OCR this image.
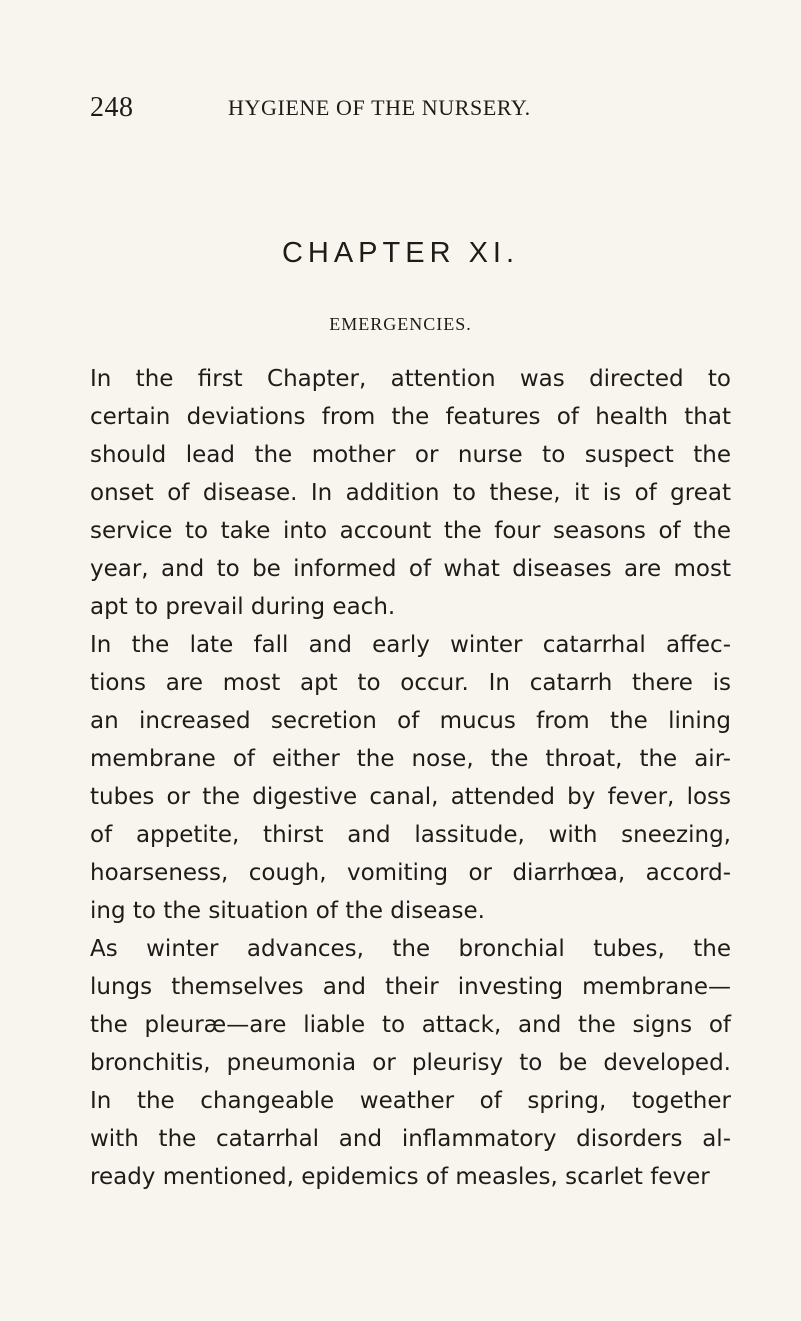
248	HYGIENE OF THE NURSERY.
CHAPTER XI.
EMERGENCIES.
In the first Chapter, attention was directed to
certain deviations from the features of health that
should lead the mother or nurse to suspect the
onset of disease. In addition to these, it is of great
service to take into account the four seasons of the
year, and to be informed of what diseases are most
apt to prevail during each.
In the late fall and early winter catarrhal affec-
tions are most apt to occur. In catarrh there is
an increased secretion of mucus from the lining
membrane of either the nose, the throat, the air-
tubes or the digestive canal, attended by fever, loss
of appetite, thirst and lassitude, with sneezing,
hoarseness, cough, vomiting or diarrhœa, accord-
ing to the situation of the disease.
As winter advances, the bronchial tubes, the
lungs themselves and their investing membrane—
the pleuræ—are liable to attack, and the signs of
bronchitis, pneumonia or pleurisy to be developed.
In the changeable weather of spring, together
with the catarrhal and inflammatory disorders al-
ready mentioned, epidemics of measles, scarlet fever
